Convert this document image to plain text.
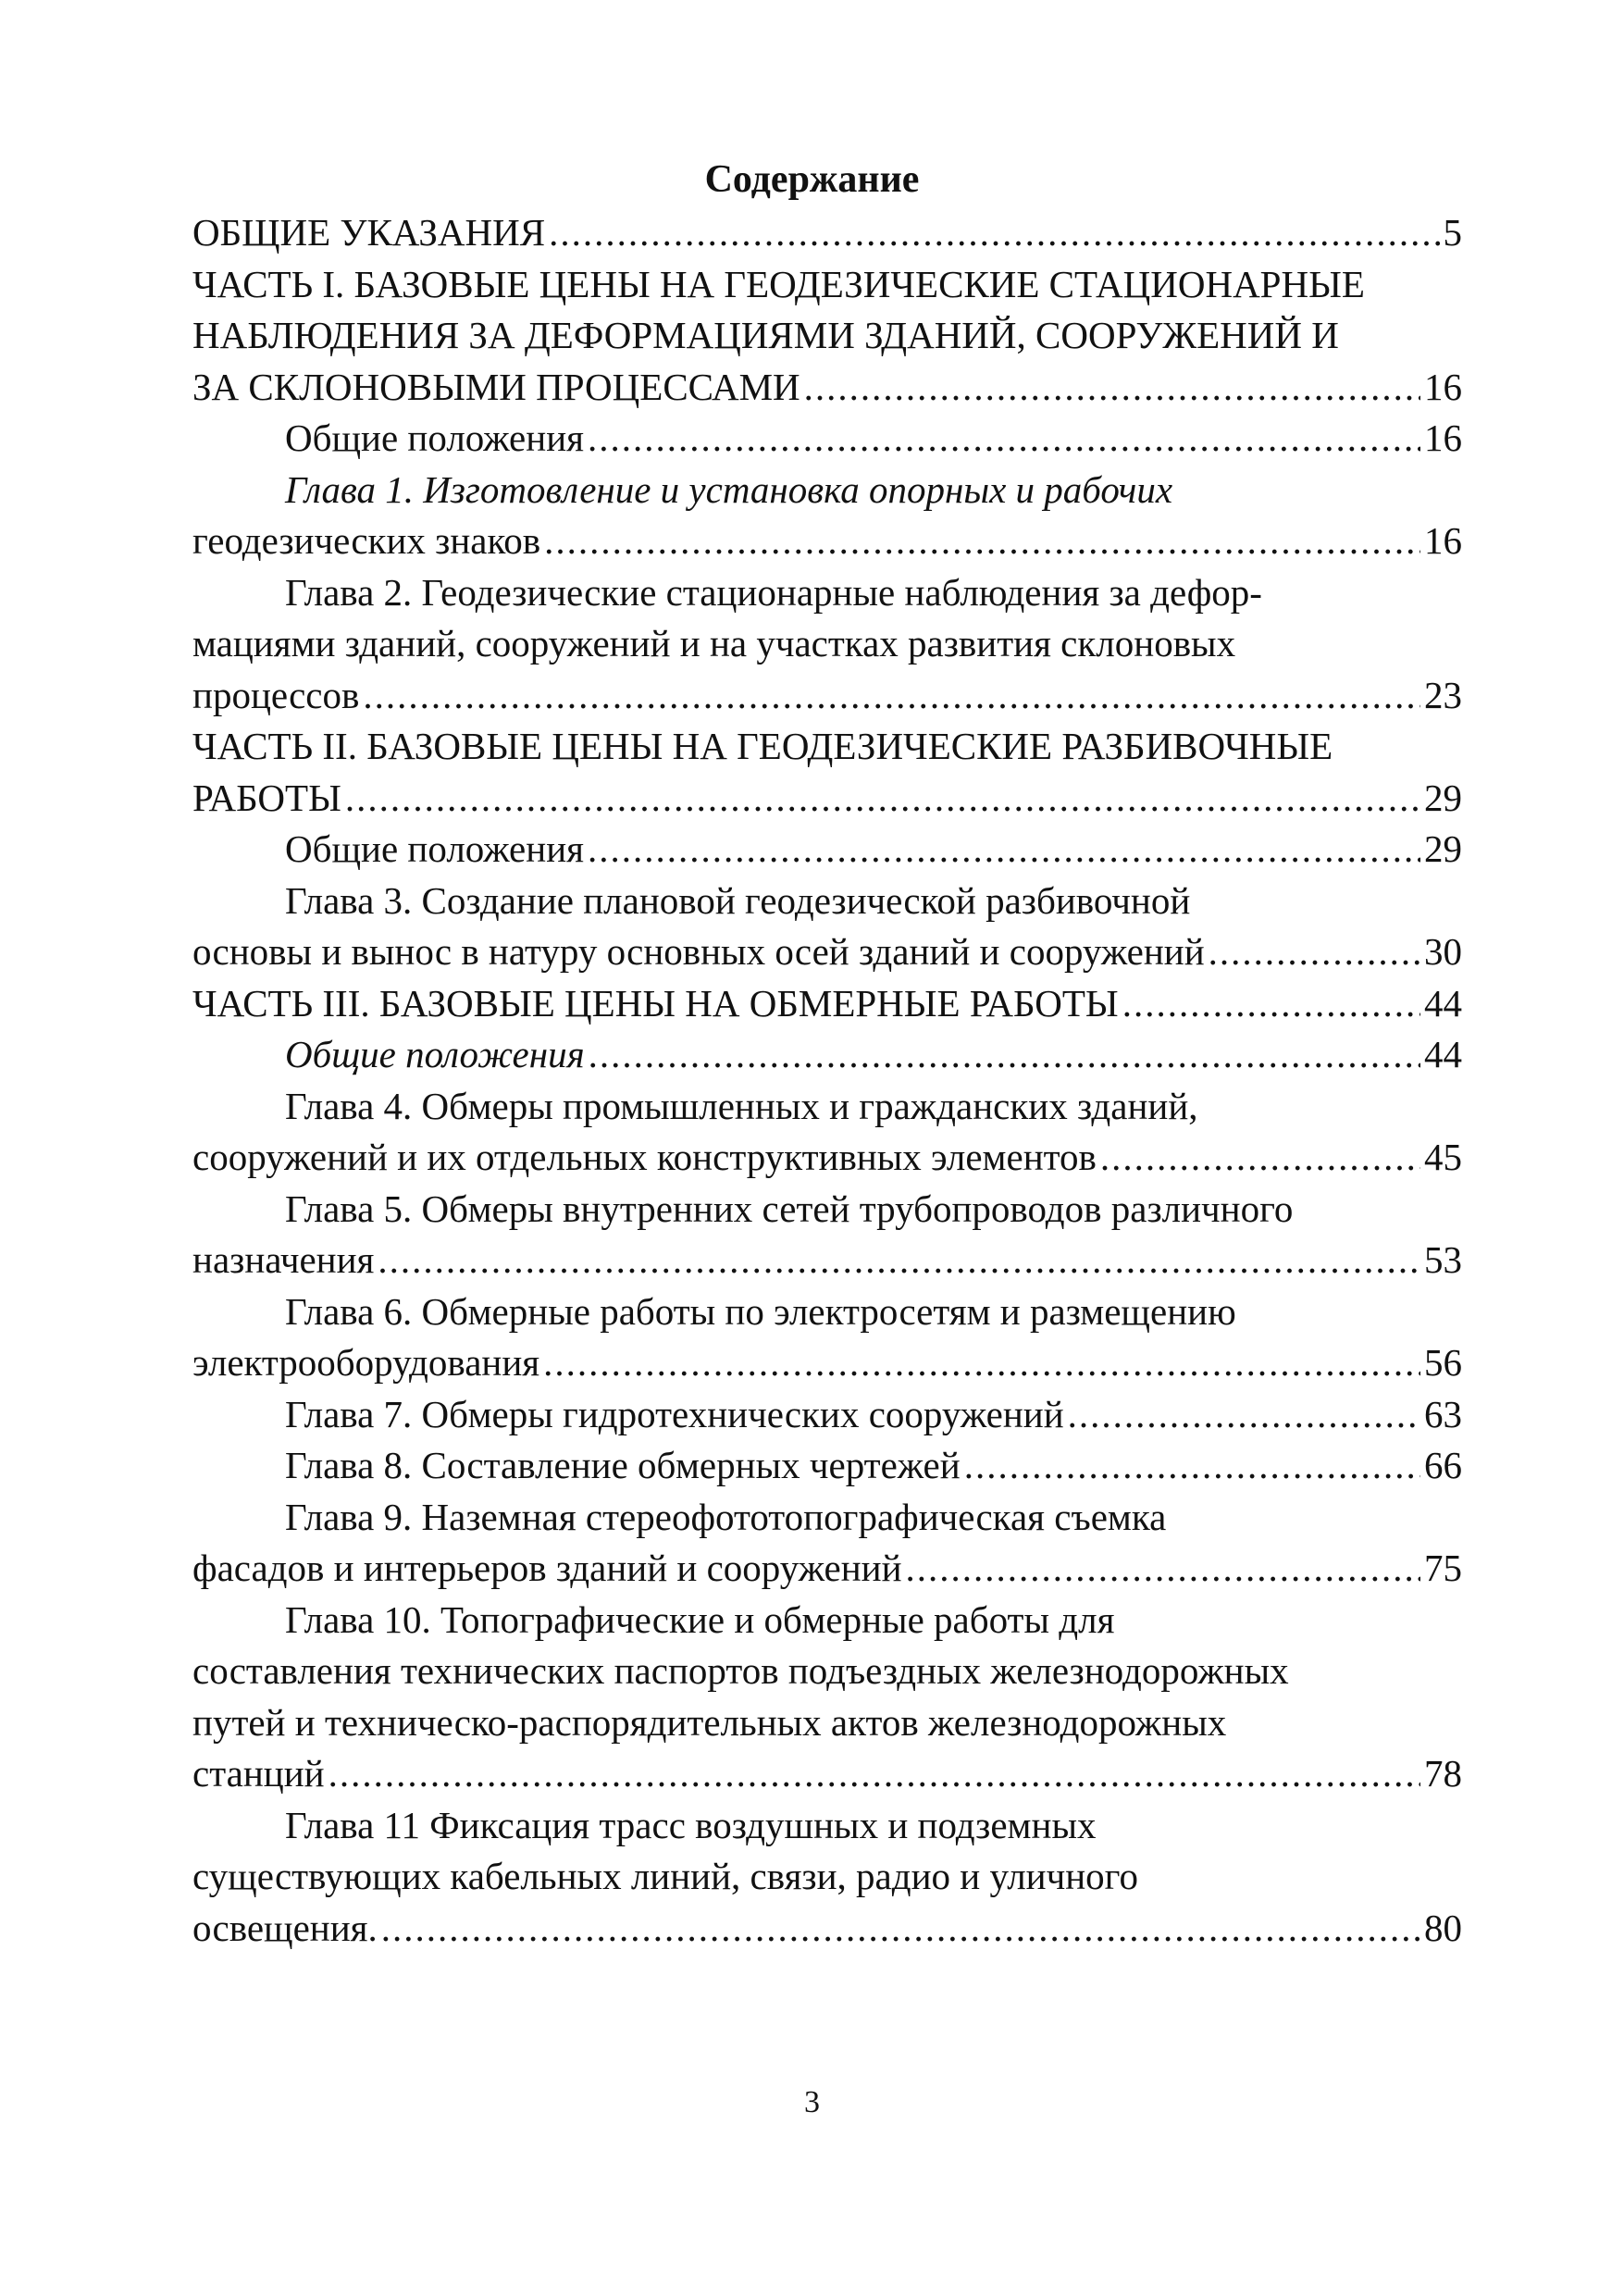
Содержание
ОБЩИЕ УКАЗАНИЯ .....	5
ЧАСТЬ I. БАЗОВЫЕ ЦЕНЫ НА ГЕОДЕЗИЧЕСКИЕ СТАЦИОНАРНЫЕ
НАБЛЮДЕНИЯ ЗА ДЕФОРМАЦИЯМИ ЗДАНИЙ, СООРУЖЕНИЙ И
ЗА СКЛОНОВЫМИ ПРОЦЕССАМИ .....	16
Общие положения .....	16
Глава 1. Изготовление и установка опорных и рабочих
геодезических знаков .....	16
Глава 2. Геодезические стационарные наблюдения за дефор-
мациями зданий, сооружений и на участках развития склоновых
процессов .....	23
ЧАСТЬ II. БАЗОВЫЕ ЦЕНЫ НА ГЕОДЕЗИЧЕСКИЕ РАЗБИВОЧНЫЕ
РАБОТЫ .....	29
Общие положения .....	29
Глава 3. Создание плановой геодезической разбивочной
основы и вынос в натуру основных осей зданий и сооружений .....	30
ЧАСТЬ III. БАЗОВЫЕ ЦЕНЫ НА ОБМЕРНЫЕ РАБОТЫ .....	44
Общие положения .....	44
Глава 4. Обмеры промышленных и гражданских зданий,
сооружений и их отдельных конструктивных элементов .....	45
Глава 5. Обмеры внутренних сетей трубопроводов различного
назначения .....	53
Глава 6. Обмерные работы по электросетям и размещению
электрооборудования .....	56
Глава 7. Обмеры гидротехнических сооружений .....	63
Глава 8. Составление обмерных чертежей .....	66
Глава 9. Наземная стереофототопографическая съемка
фасадов и интерьеров зданий и сооружений .....	75
Глава 10. Топографические и обмерные работы для
составления технических паспортов подъездных железнодорожных
путей и техническо-распорядительных актов железнодорожных
станций .....	78
Глава 11 Фиксация трасс воздушных и подземных
существующих кабельных линий, связи, радио и уличного
освещения. .....	80
3
